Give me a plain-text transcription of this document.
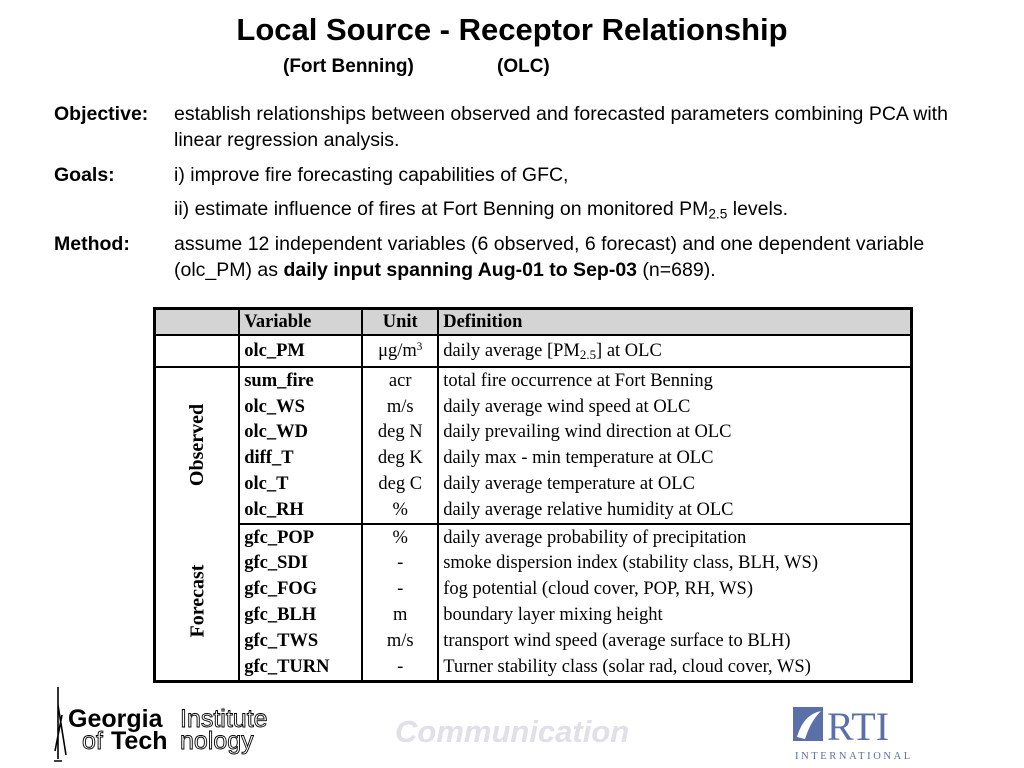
Local Source - Receptor Relationship
(Fort Benning)	(OLC)
Objective: establish relationships between observed and forecasted parameters combining PCA with linear regression analysis.
Goals:	i) improve fire forecasting capabilities of GFC,
ii) estimate influence of fires at Fort Benning on monitored $PM_{2.5}$ levels.
Method: assume 12 independent variables (6 observed, 6 forecast) and one dependent variable (olc_PM) as daily input spanning Aug-01 to Sep-03 (n=689).
	Variable	Unit	Definition
	olc_PM	$\mu g/m^3$	daily average $[PM_{2.5}]$ at OLC
Observed	sum_fire	acr	total fire occurrence at Fort Benning
	olc_WS	m/s	daily average wind speed at OLC
	olc_WD	deg N	daily prevailing wind direction at OLC
	diff_T	deg K	daily max - min temperature at OLC
	olc_T	deg C	daily average temperature at OLC
	olc_RH	%	daily average relative humidity at OLC
Forecast	gfc_POP	%	daily average probability of precipitation
	gfc_SDI	-	smoke dispersion index (stability class, BLH, WS)
	gfc_FOG	-	fog potential (cloud cover, POP, RH, WS)
	gfc_BLH	m	boundary layer mixing height
	gfc_TWS	m/s	transport wind speed (average surface to BLH)
	gfc_TURN	-	Turner stability class (solar rad, cloud cover, WS)
Georgia Institute
of Tech nology	Communication	RTI
INTERNATIONAL
